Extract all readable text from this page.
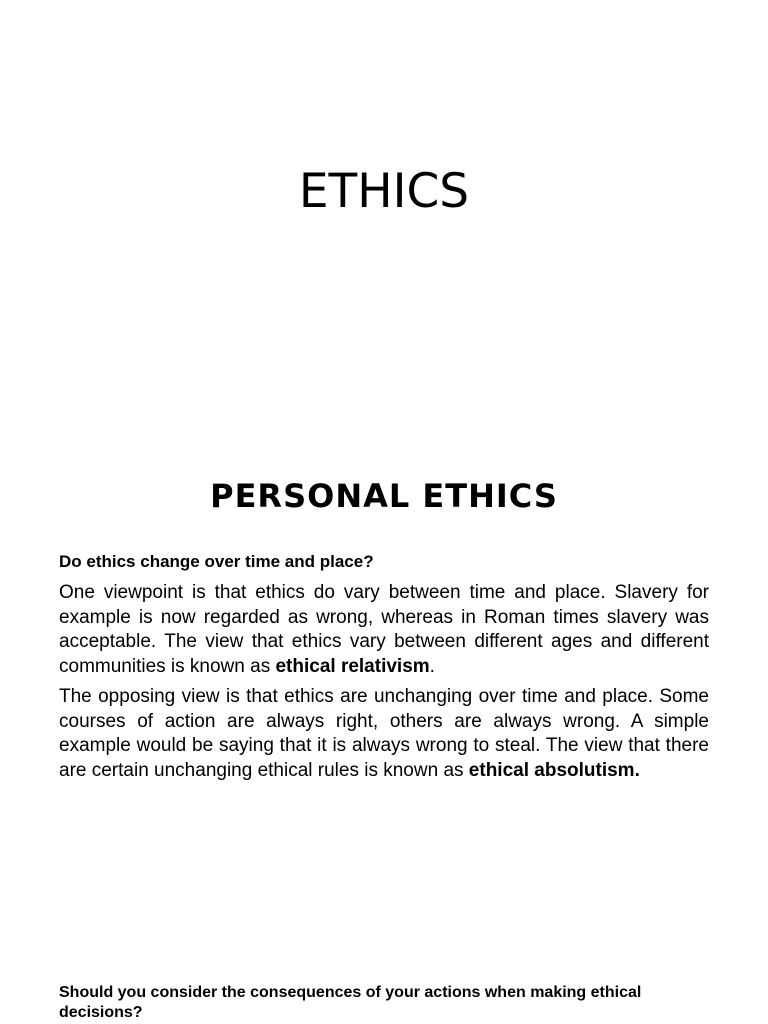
ETHICS
PERSONAL ETHICS

Do ethics change over time and place?

One viewpoint is that ethics do vary between time and place. Slavery for example is now regarded as wrong, whereas in Roman times slavery was acceptable. The view that ethics vary between different ages and different communities is known as ethical relativism.

The opposing view is that ethics are unchanging over time and place. Some courses of action are always right, others are always wrong. A simple example would be saying that it is always wrong to steal. The view that there are certain unchanging ethical rules is known as ethical absolutism.

Should you consider the consequences of your actions when making ethical decisions?
